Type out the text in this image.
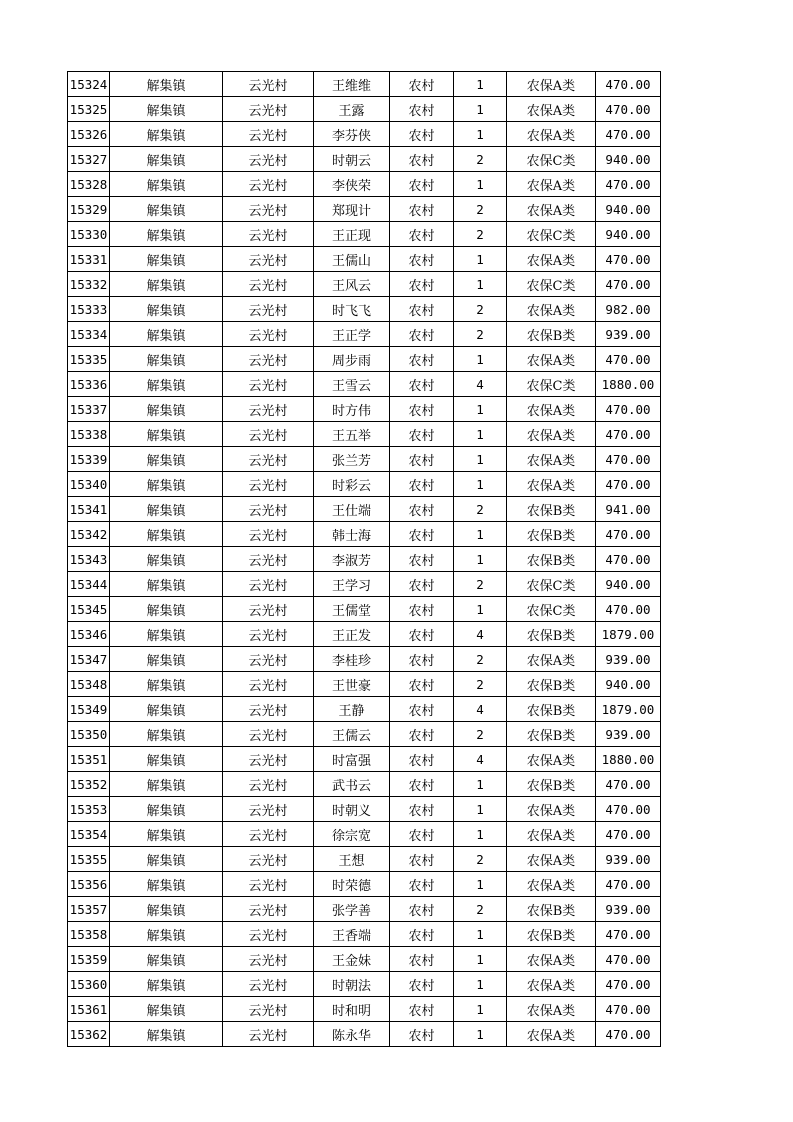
15324	解集镇	云光村	王维维	农村	1	农保A类	470.00
15325	解集镇	云光村	王露	农村	1	农保A类	470.00
15326	解集镇	云光村	李芬侠	农村	1	农保A类	470.00
15327	解集镇	云光村	时朝云	农村	2	农保C类	940.00
15328	解集镇	云光村	李侠荣	农村	1	农保A类	470.00
15329	解集镇	云光村	郑现计	农村	2	农保A类	940.00
15330	解集镇	云光村	王正现	农村	2	农保C类	940.00
15331	解集镇	云光村	王儒山	农村	1	农保A类	470.00
15332	解集镇	云光村	王风云	农村	1	农保C类	470.00
15333	解集镇	云光村	时飞飞	农村	2	农保A类	982.00
15334	解集镇	云光村	王正学	农村	2	农保B类	939.00
15335	解集镇	云光村	周步雨	农村	1	农保A类	470.00
15336	解集镇	云光村	王雪云	农村	4	农保C类	1880.00
15337	解集镇	云光村	时方伟	农村	1	农保A类	470.00
15338	解集镇	云光村	王五举	农村	1	农保A类	470.00
15339	解集镇	云光村	张兰芳	农村	1	农保A类	470.00
15340	解集镇	云光村	时彩云	农村	1	农保A类	470.00
15341	解集镇	云光村	王仕端	农村	2	农保B类	941.00
15342	解集镇	云光村	韩士海	农村	1	农保B类	470.00
15343	解集镇	云光村	李淑芳	农村	1	农保B类	470.00
15344	解集镇	云光村	王学习	农村	2	农保C类	940.00
15345	解集镇	云光村	王儒堂	农村	1	农保C类	470.00
15346	解集镇	云光村	王正发	农村	4	农保B类	1879.00
15347	解集镇	云光村	李桂珍	农村	2	农保A类	939.00
15348	解集镇	云光村	王世豪	农村	2	农保B类	940.00
15349	解集镇	云光村	王静	农村	4	农保B类	1879.00
15350	解集镇	云光村	王儒云	农村	2	农保B类	939.00
15351	解集镇	云光村	时富强	农村	4	农保A类	1880.00
15352	解集镇	云光村	武书云	农村	1	农保B类	470.00
15353	解集镇	云光村	时朝义	农村	1	农保A类	470.00
15354	解集镇	云光村	徐宗宽	农村	1	农保A类	470.00
15355	解集镇	云光村	王想	农村	2	农保A类	939.00
15356	解集镇	云光村	时荣德	农村	1	农保A类	470.00
15357	解集镇	云光村	张学善	农村	2	农保B类	939.00
15358	解集镇	云光村	王香端	农村	1	农保B类	470.00
15359	解集镇	云光村	王金妹	农村	1	农保A类	470.00
15360	解集镇	云光村	时朝法	农村	1	农保A类	470.00
15361	解集镇	云光村	时和明	农村	1	农保A类	470.00
15362	解集镇	云光村	陈永华	农村	1	农保A类	470.00
